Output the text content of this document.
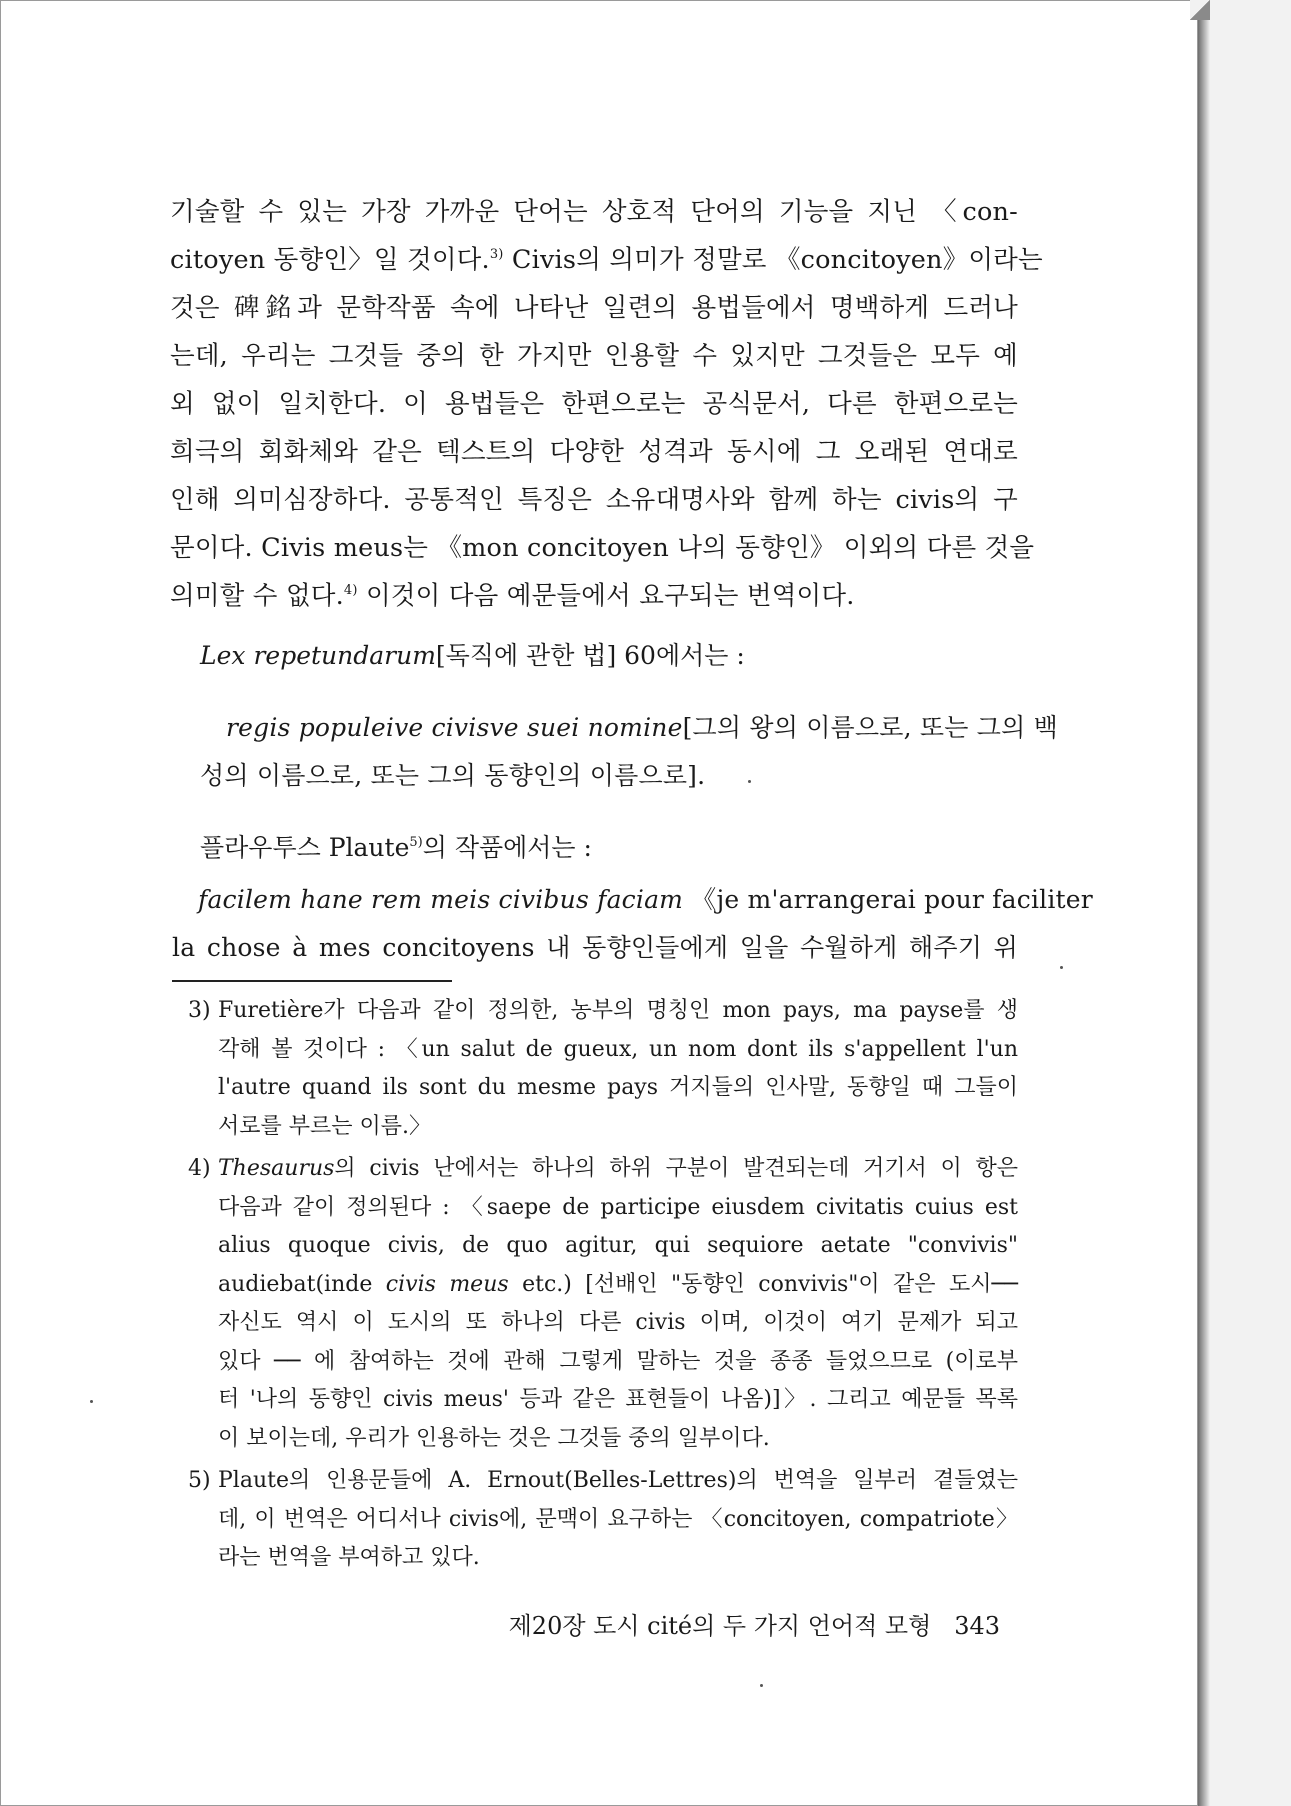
기술할 수 있는 가장 가까운 단어는 상호적 단어의 기능을 지닌 〈con-
citoyen 동향인〉일 것이다.$^{3)}$ Civis의 의미가 정말로 《concitoyen》이라는
것은 碑銘과 문학작품 속에 나타난 일련의 용법들에서 명백하게 드러나
는데, 우리는 그것들 중의 한 가지만 인용할 수 있지만 그것들은 모두 예
외 없이 일치한다. 이 용법들은 한편으로는 공식문서, 다른 한편으로는
희극의 회화체와 같은 텍스트의 다양한 성격과 동시에 그 오래된 연대로
인해 의미심장하다. 공통적인 특징은 소유대명사와 함께 하는 civis의 구
문이다. Civis meus는 《mon concitoyen 나의 동향인》 이외의 다른 것을
의미할 수 없다.$^{4)}$ 이것이 다음 예문들에서 요구되는 번역이다.
Lex repetundarum[독직에 관한 법] 60에서는 :
regis populeive civisve suei nomine[그의 왕의 이름으로, 또는 그의 백
성의 이름으로, 또는 그의 동향인의 이름으로].
플라우투스 Plaute$^{5)}$의 작품에서는 :
facilem hane rem meis civibus faciam 《je m'arrangerai pour faciliter
la chose à mes concitoyens 내 동향인들에게 일을 수월하게 해주기 위
3) Furetière가 다음과 같이 정의한, 농부의 명칭인 mon pays, ma payse를 생
각해 볼 것이다 : 〈un salut de gueux, un nom dont ils s'appellent l'un
l'autre quand ils sont du mesme pays 거지들의 인사말, 동향일 때 그들이
서로를 부르는 이름.〉
4) Thesaurus의 civis 난에서는 하나의 하위 구분이 발견되는데 거기서 이 항은
다음과 같이 정의된다 : 〈saepe de participe eiusdem civitatis cuius est
alius quoque civis, de quo agitur, qui sequiore aetate "convivis"
audiebat(inde civis meus etc.) [선배인 "동향인 convivis"이 같은 도시──
자신도 역시 이 도시의 또 하나의 다른 civis 이며, 이것이 여기 문제가 되고
있다 ── 에 참여하는 것에 관해 그렇게 말하는 것을 종종 들었으므로 (이로부
터 '나의 동향인 civis meus' 등과 같은 표현들이 나옴)]〉. 그리고 예문들 목록
이 보이는데, 우리가 인용하는 것은 그것들 중의 일부이다.
5) Plaute의 인용문들에 A. Ernout(Belles-Lettres)의 번역을 일부러 곁들였는
데, 이 번역은 어디서나 civis에, 문맥이 요구하는 〈concitoyen, compatriote〉
라는 번역을 부여하고 있다.
제20장 도시 cité의 두 가지 언어적 모형 343
